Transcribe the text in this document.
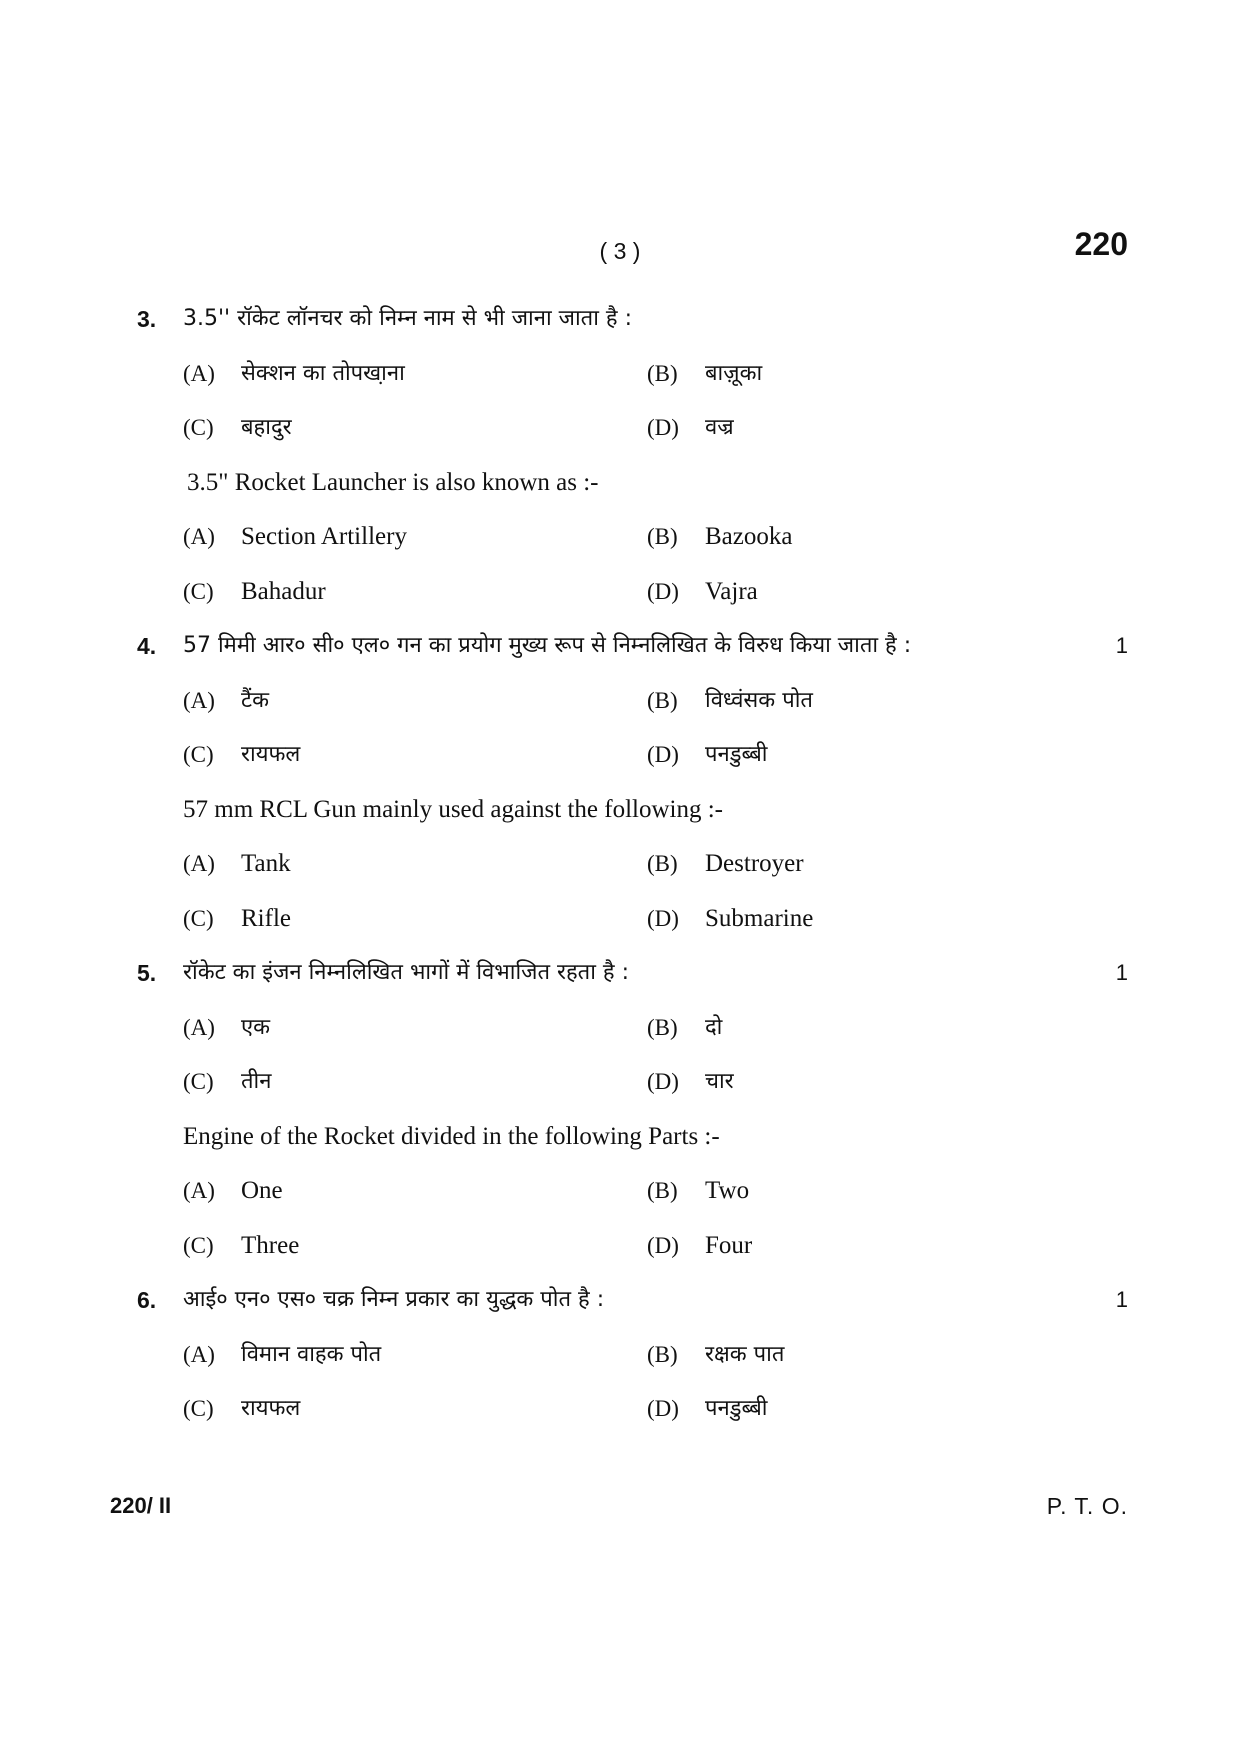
( 3 )	220
3. 3.5'' रॉकेट लॉनचर को निम्न नाम से भी जाना जाता है :
(A) सेक्शन का तोपखा़ना	(B) बाजू़का
(C) बहादुर	(D) वज्र
3.5" Rocket Launcher is also known as :-
(A) Section Artillery	(B) Bazooka
(C) Bahadur	(D) Vajra
4. 57 मिमी आर० सी० एल० गन का प्रयोग मुख्य रूप से निम्नलिखित के विरुध किया जाता है :	1
(A) टैंक	(B) विध्वंसक पोत
(C) रायफल	(D) पनडुब्बी
57 mm RCL Gun mainly used against the following :-
(A) Tank	(B) Destroyer
(C) Rifle	(D) Submarine
5. रॉकेट का इंजन निम्नलिखित भागों में विभाजित रहता है :	1
(A) एक	(B) दो
(C) तीन	(D) चार
Engine of the Rocket divided in the following Parts :-
(A) One	(B) Two
(C) Three	(D) Four
6. आई० एन० एस० चक्र निम्न प्रकार का युद्धक पोत है :	1
(A) विमान वाहक पोत	(B) रक्षक पात
(C) रायफल	(D) पनडुब्बी
220/ II	P. T. O.
